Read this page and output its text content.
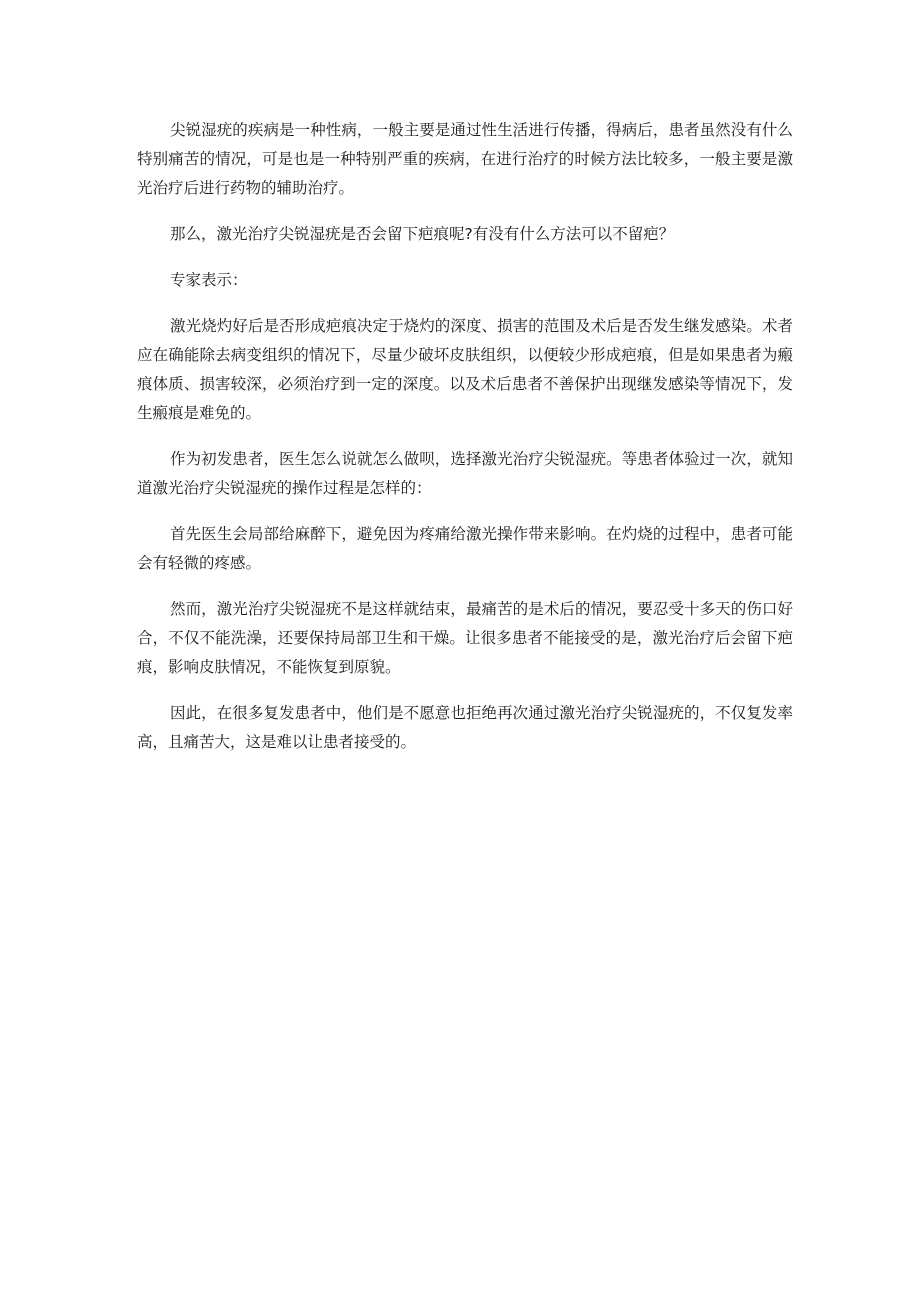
尖锐湿疣的疾病是一种性病，一般主要是通过性生活进行传播，得病后，患者虽然没有什么特别痛苦的情况，可是也是一种特别严重的疾病，在进行治疗的时候方法比较多，一般主要是激光治疗后进行药物的辅助治疗。

那么，激光治疗尖锐湿疣是否会留下疤痕呢?有没有什么方法可以不留疤？

专家表示：

激光烧灼好后是否形成疤痕决定于烧灼的深度、损害的范围及术后是否发生继发感染。术者应在确能除去病变组织的情况下，尽量少破坏皮肤组织，以便较少形成疤痕，但是如果患者为瘢痕体质、损害较深，必须治疗到一定的深度。以及术后患者不善保护出现继发感染等情况下，发生瘢痕是难免的。

作为初发患者，医生怎么说就怎么做呗，选择激光治疗尖锐湿疣。等患者体验过一次，就知道激光治疗尖锐湿疣的操作过程是怎样的：

首先医生会局部给麻醉下，避免因为疼痛给激光操作带来影响。在灼烧的过程中，患者可能会有轻微的疼感。

然而，激光治疗尖锐湿疣不是这样就结束，最痛苦的是术后的情况，要忍受十多天的伤口好合，不仅不能洗澡，还要保持局部卫生和干燥。让很多患者不能接受的是，激光治疗后会留下疤痕，影响皮肤情况，不能恢复到原貌。

因此，在很多复发患者中，他们是不愿意也拒绝再次通过激光治疗尖锐湿疣的，不仅复发率高，且痛苦大，这是难以让患者接受的。
